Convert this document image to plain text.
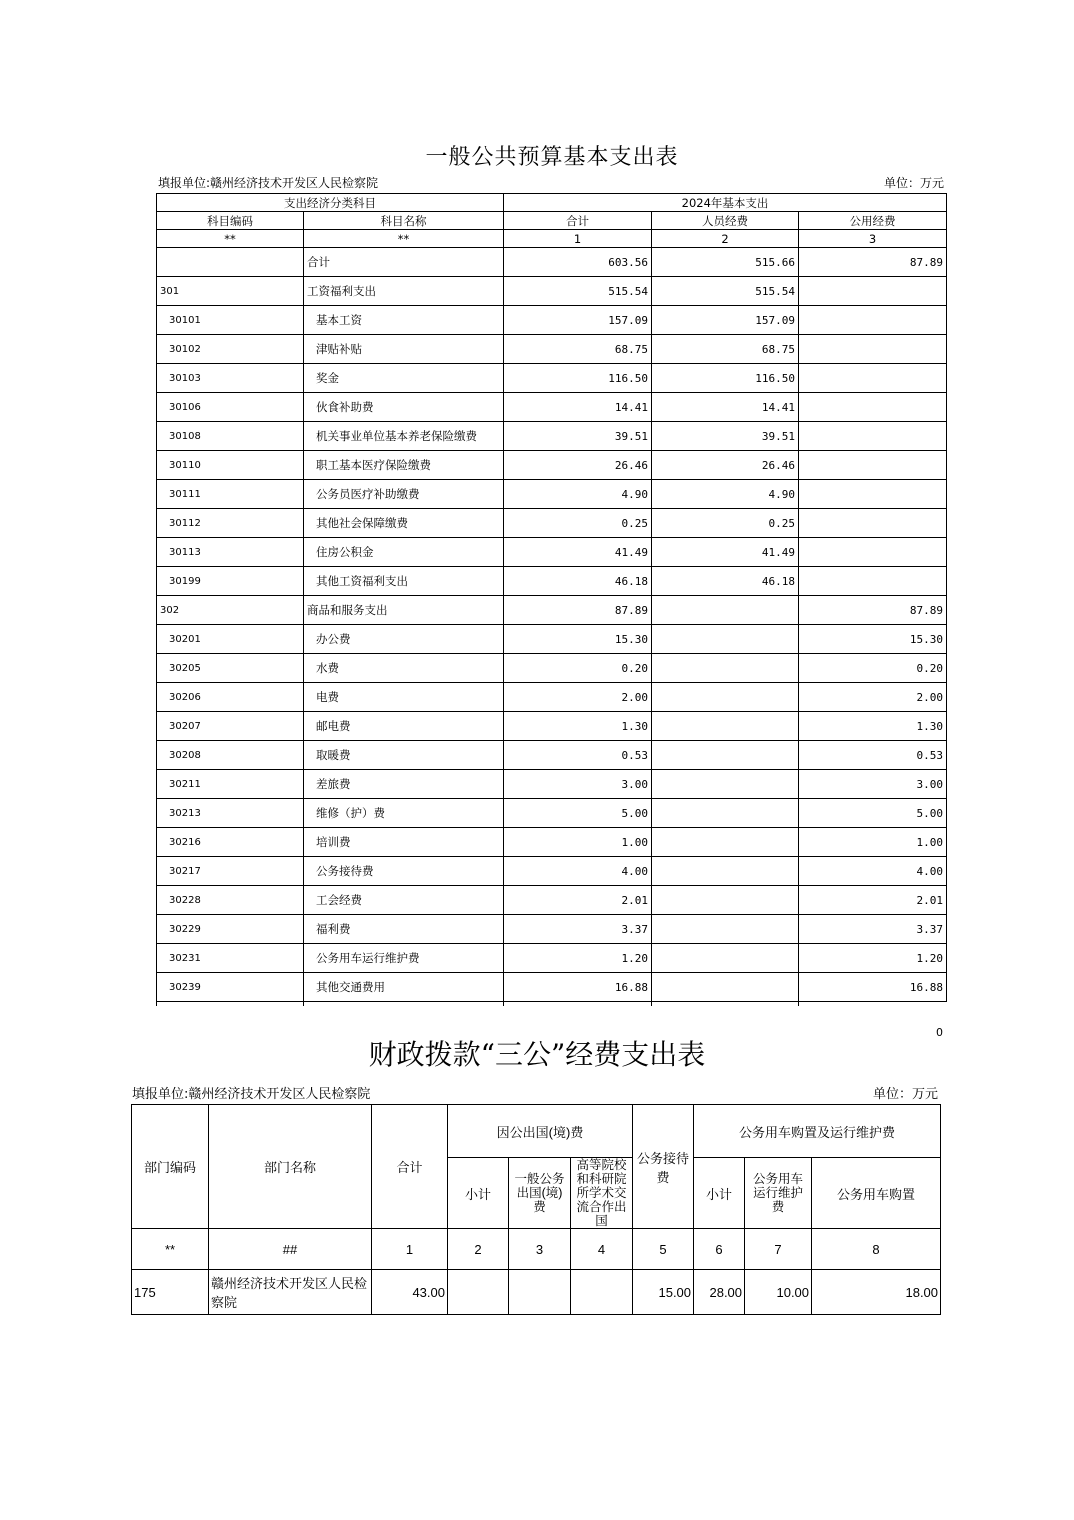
一般公共预算基本支出表
填报单位:赣州经济技术开发区人民检察院	单位：万元
支出经济分类科目		2024年基本支出		
科目编码	科目名称	合计	人员经费	公用经费
**	**	1	2	3
	合计	603.56	515.66	87.89
301	工资福利支出	515.54	515.54	
30101	基本工资	157.09	157.09	
30102	津贴补贴	68.75	68.75	
30103	奖金	116.50	116.50	
30106	伙食补助费	14.41	14.41	
30108	机关事业单位基本养老保险缴费	39.51	39.51	
30110	职工基本医疗保险缴费	26.46	26.46	
30111	公务员医疗补助缴费	4.90	4.90	
30112	其他社会保障缴费	0.25	0.25	
30113	住房公积金	41.49	41.49	
30199	其他工资福利支出	46.18	46.18	
302	商品和服务支出	87.89		87.89
30201	办公费	15.30		15.30
30205	水费	0.20		0.20
30206	电费	2.00		2.00
30207	邮电费	1.30		1.30
30208	取暖费	0.53		0.53
30211	差旅费	3.00		3.00
30213	维修（护）费	5.00		5.00
30216	培训费	1.00		1.00
30217	公务接待费	4.00		4.00
30228	工会经费	2.01		2.01
30229	福利费	3.37		3.37
30231	公务用车运行维护费	1.20		1.20
30239	其他交通费用	16.88		16.88

0
财政拨款“三公”经费支出表
填报单位:赣州经济技术开发区人民检察院	单位：万元
部门编码	部门名称	合计	因公出国(境)费			公务接待费	公务用车购置及运行维护费		
			小计	一般公务出国(境)费	高等院校和科研院所学术交流合作出国		小计	公务用车运行维护费	公务用车购置
**	##	1	2	3	4	5	6	7	8
175	赣州经济技术开发区人民检察院	43.00				15.00	28.00	10.00	18.00
